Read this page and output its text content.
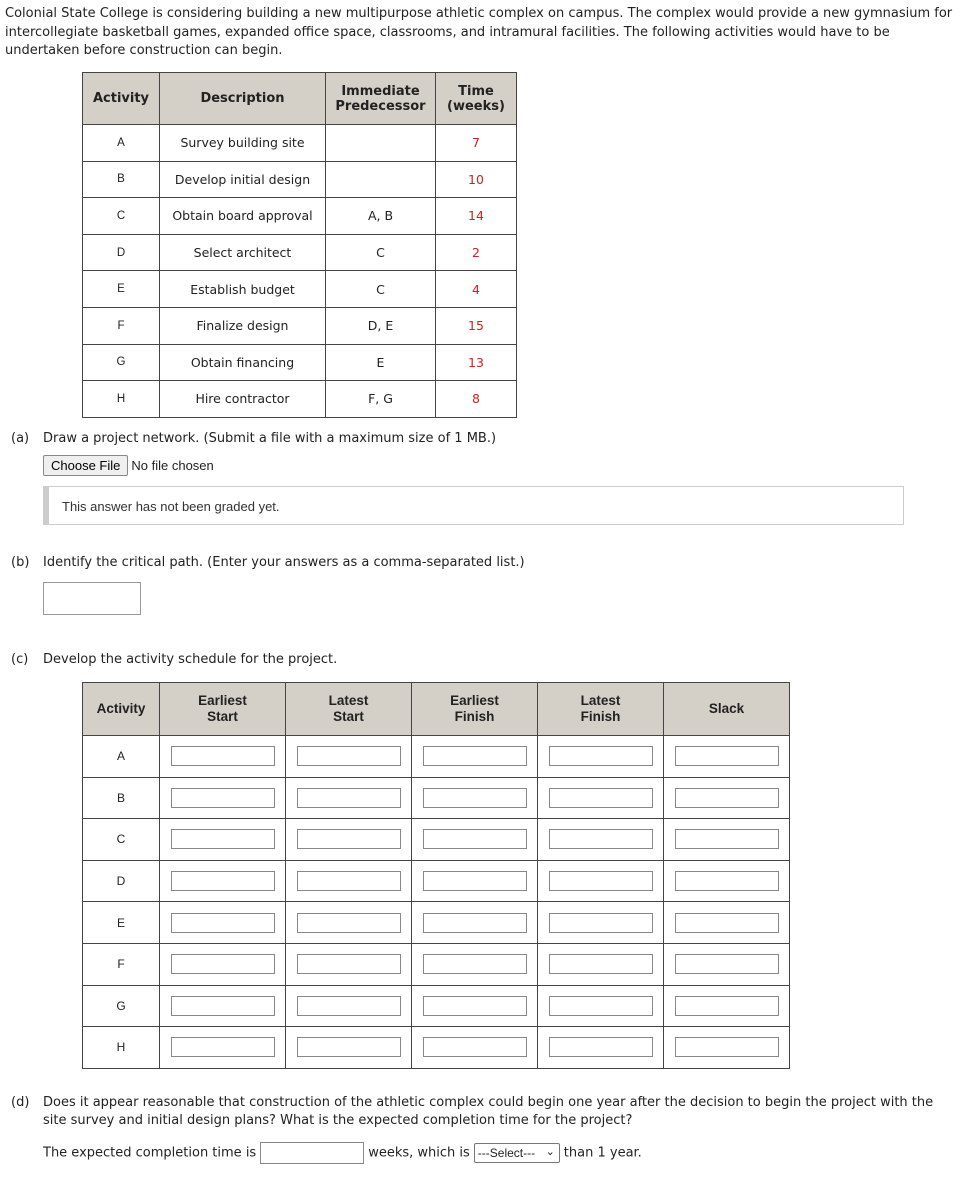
Colonial State College is considering building a new multipurpose athletic complex on campus. The complex would provide a new gymnasium for intercollegiate basketball games, expanded office space, classrooms, and intramural facilities. The following activities would have to be undertaken before construction can begin.
Activity	Description	Immediate Predecessor	Time (weeks)
A	Survey building site		7
B	Develop initial design		10
C	Obtain board approval	A, B	14
D	Select architect	C	2
E	Establish budget	C	4
F	Finalize design	D, E	15
G	Obtain financing	E	13
H	Hire contractor	F, G	8
(a) Draw a project network. (Submit a file with a maximum size of 1 MB.)
Choose File No file chosen
This answer has not been graded yet.
(b) Identify the critical path. (Enter your answers as a comma-separated list.)
(c) Develop the activity schedule for the project.
Activity	Earliest Start	Latest Start	Earliest Finish	Latest Finish	Slack
A					
B					
C					
D					
E					
F					
G					
H					
(d) Does it appear reasonable that construction of the athletic complex could begin one year after the decision to begin the project with the site survey and initial design plans? What is the expected completion time for the project?
The expected completion time is	weeks, which is ---Select--- ⌄ than 1 year.
